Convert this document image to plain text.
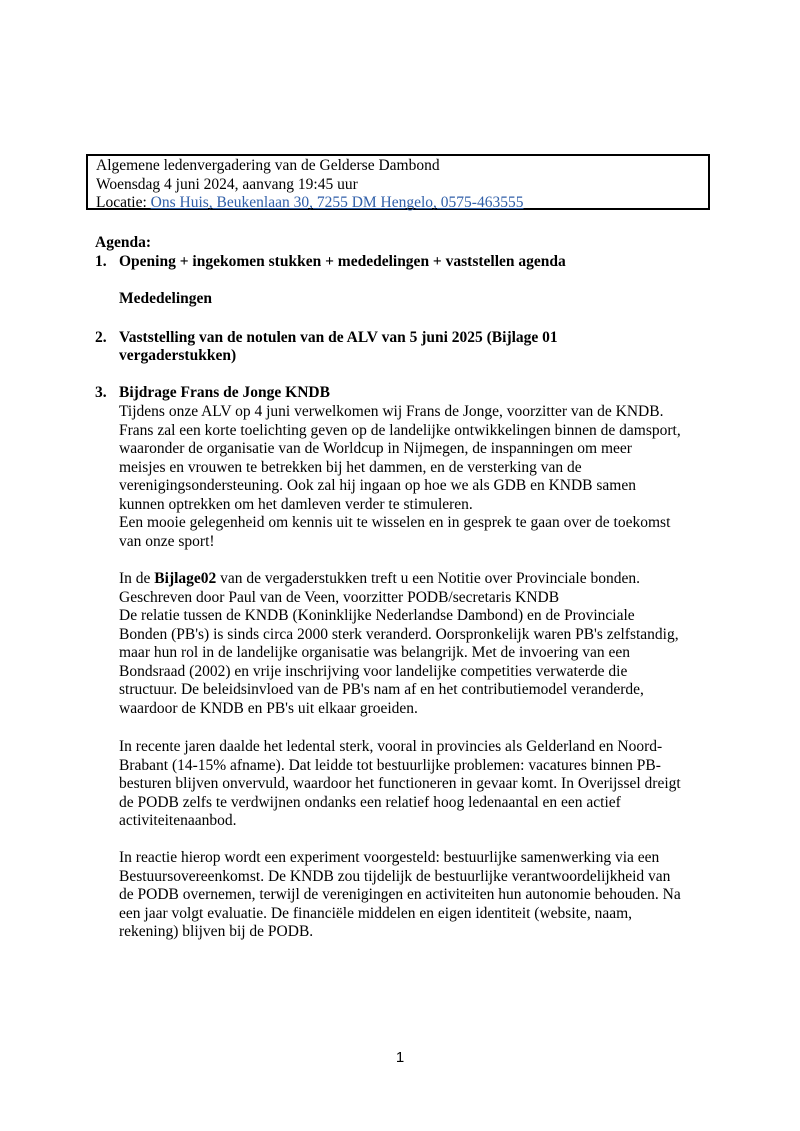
Algemene ledenvergadering van de Gelderse Dambond
Woensdag 4 juni 2024, aanvang 19:45 uur
Locatie: Ons Huis, Beukenlaan 30, 7255 DM Hengelo, 0575-463555

Agenda:

1. Opening + ingekomen stukken + mededelingen + vaststellen agenda
Mededelingen
2. Vaststelling van de notulen van de ALV van 5 juni 2025 (Bijlage 01
vergaderstukken)
3. Bijdrage Frans de Jonge KNDB
Tijdens onze ALV op 4 juni verwelkomen wij Frans de Jonge, voorzitter van de KNDB.
Frans zal een korte toelichting geven op de landelijke ontwikkelingen binnen de damsport,
waaronder de organisatie van de Worldcup in Nijmegen, de inspanningen om meer
meisjes en vrouwen te betrekken bij het dammen, en de versterking van de
verenigingsondersteuning. Ook zal hij ingaan op hoe we als GDB en KNDB samen
kunnen optrekken om het damleven verder te stimuleren.
Een mooie gelegenheid om kennis uit te wisselen en in gesprek te gaan over de toekomst
van onze sport!
In de Bijlage02 van de vergaderstukken treft u een Notitie over Provinciale bonden.
Geschreven door Paul van de Veen, voorzitter PODB/secretaris KNDB
De relatie tussen de KNDB (Koninklijke Nederlandse Dambond) en de Provinciale
Bonden (PB's) is sinds circa 2000 sterk veranderd. Oorspronkelijk waren PB's zelfstandig,
maar hun rol in de landelijke organisatie was belangrijk. Met de invoering van een
Bondsraad (2002) en vrije inschrijving voor landelijke competities verwaterde die
structuur. De beleidsinvloed van de PB's nam af en het contributiemodel veranderde,
waardoor de KNDB en PB's uit elkaar groeiden.
In recente jaren daalde het ledental sterk, vooral in provincies als Gelderland en Noord-
Brabant (14-15% afname). Dat leidde tot bestuurlijke problemen: vacatures binnen PB-
besturen blijven onvervuld, waardoor het functioneren in gevaar komt. In Overijssel dreigt
de PODB zelfs te verdwijnen ondanks een relatief hoog ledenaantal en een actief
activiteitenaanbod.
In reactie hierop wordt een experiment voorgesteld: bestuurlijke samenwerking via een
Bestuursovereenkomst. De KNDB zou tijdelijk de bestuurlijke verantwoordelijkheid van
de PODB overnemen, terwijl de verenigingen en activiteiten hun autonomie behouden. Na
een jaar volgt evaluatie. De financiële middelen en eigen identiteit (website, naam,
rekening) blijven bij de PODB.
1
